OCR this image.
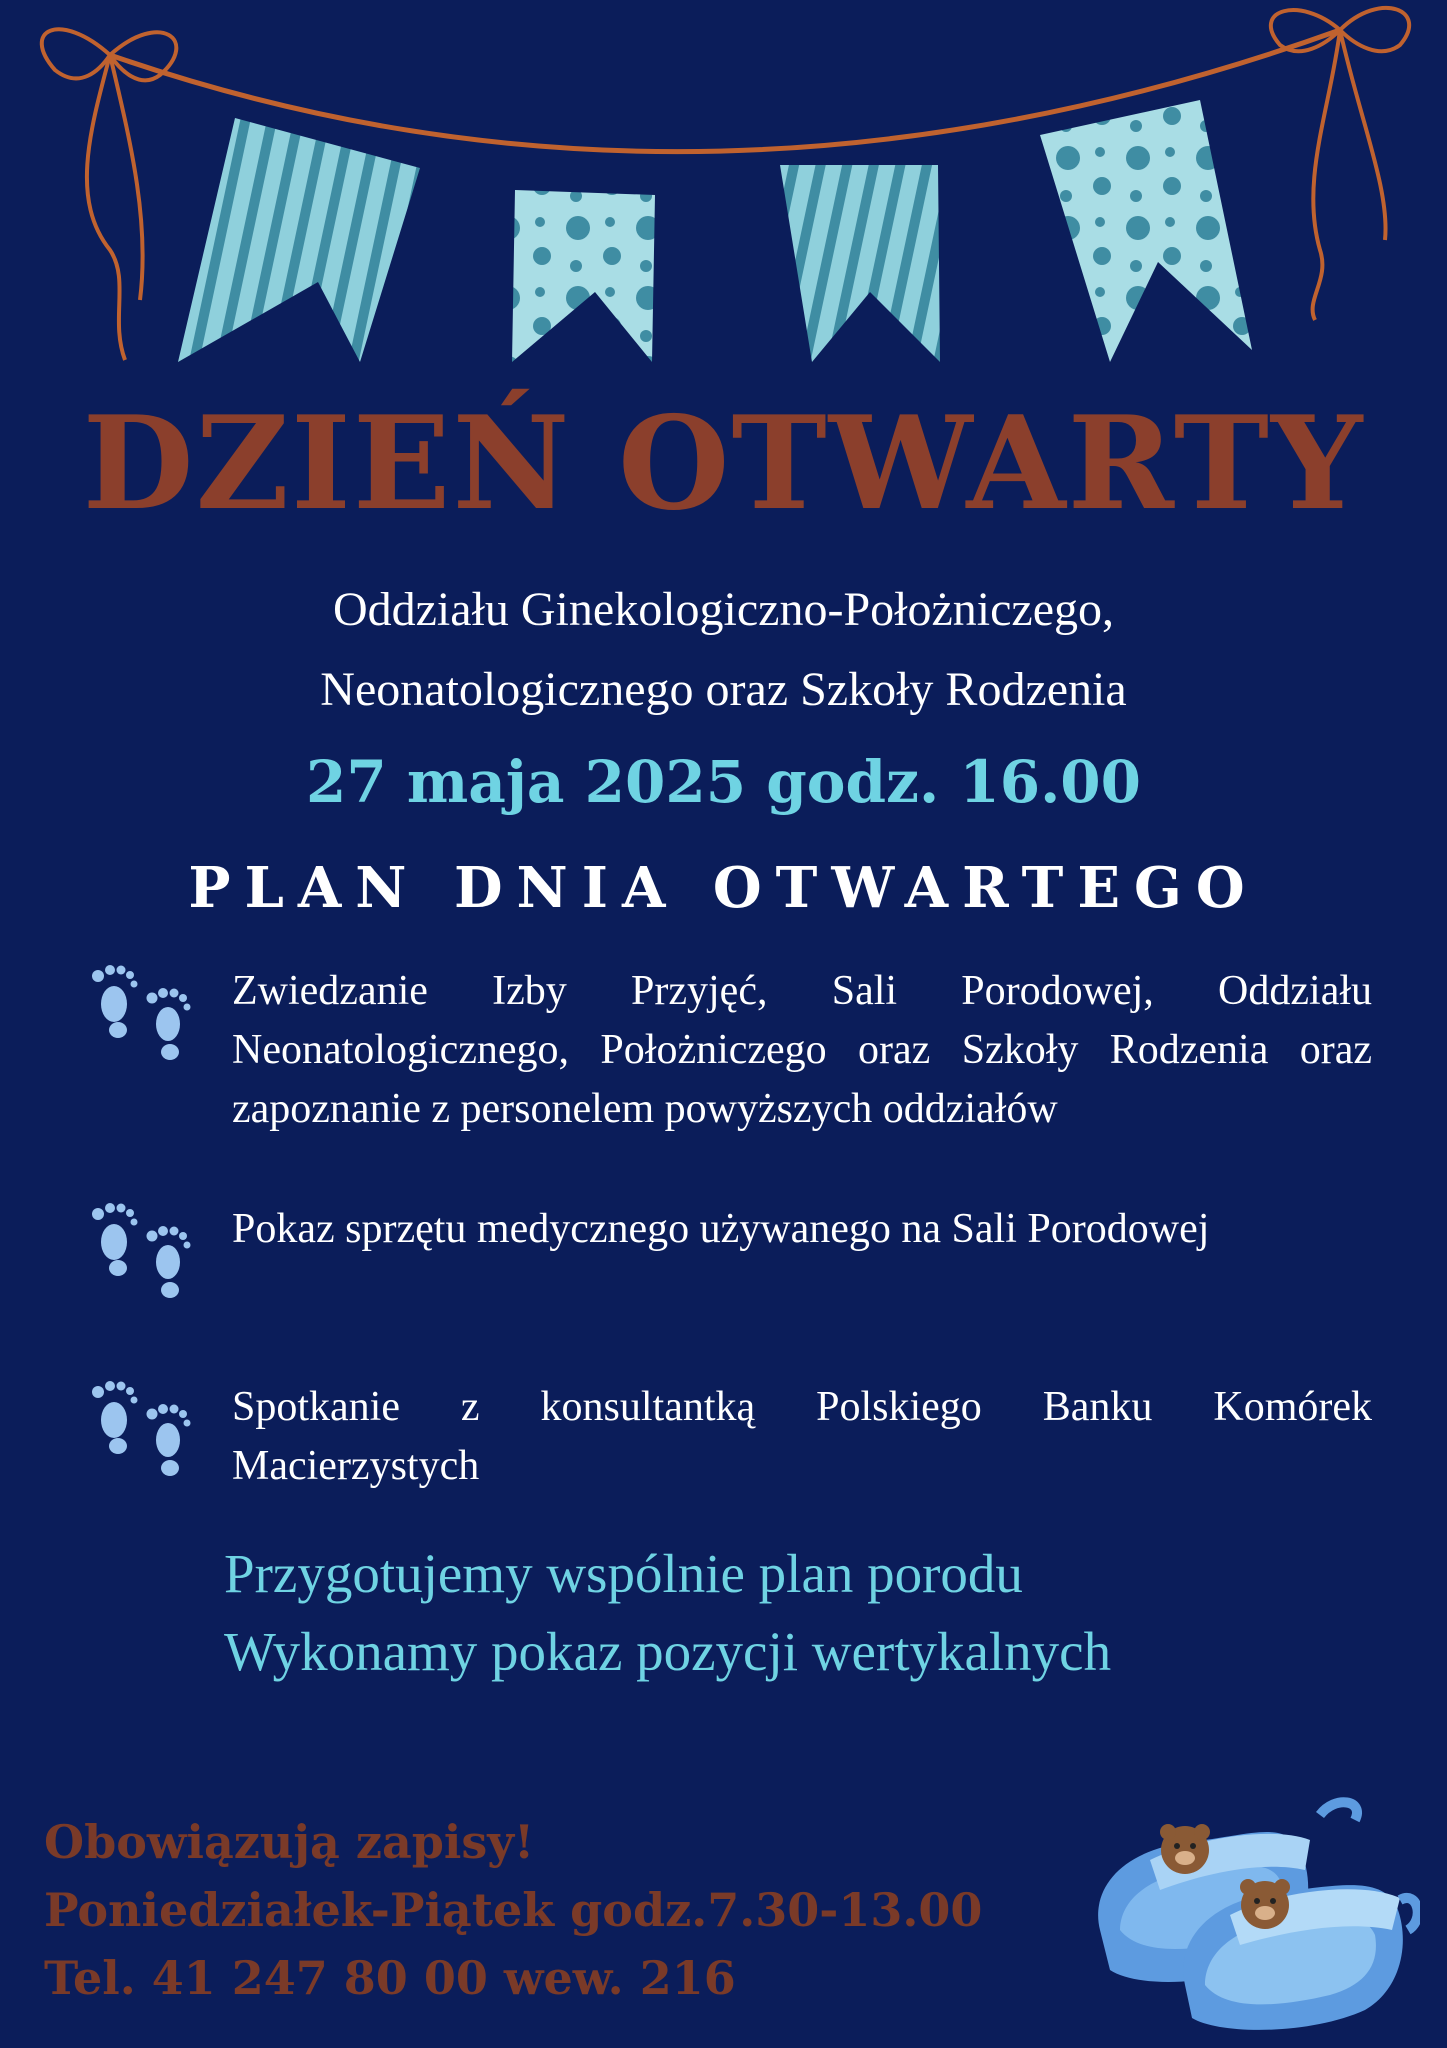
DZIEŃ OTWARTY
Oddziału Ginekologiczno-Położniczego,
Neonatologicznego oraz Szkoły Rodzenia
27 maja 2025 godz. 16.00
PLAN DNIA OTWARTEGO
Zwiedzanie Izby Przyjęć, Sali Porodowej, Oddziału Neonatologicznego, Położniczego oraz Szkoły Rodzenia oraz zapoznanie z personelem powyższych oddziałów
Pokaz sprzętu medycznego używanego na Sali Porodowej
Spotkanie z konsultantką Polskiego Banku Komórek Macierzystych
Przygotujemy wspólnie plan porodu
Wykonamy pokaz pozycji wertykalnych
Obowiązują zapisy!
Poniedziałek-Piątek godz.7.30-13.00
Tel. 41 247 80 00 wew. 216
